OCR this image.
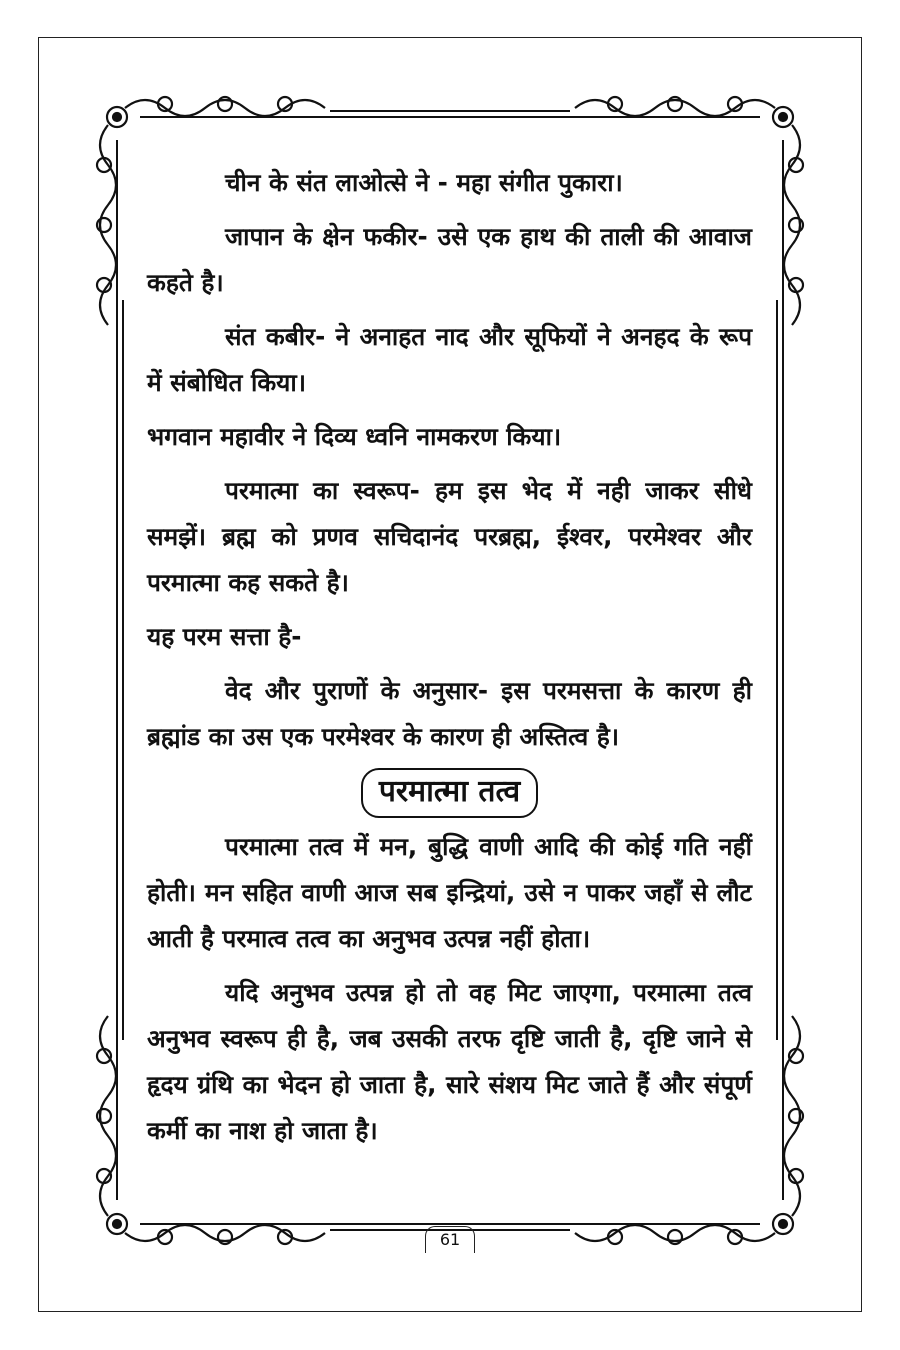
चीन के संत लाओत्से ने - महा संगीत पुकारा।

जापान के क्षेन फकीर- उसे एक हाथ की ताली की आवाज कहते है।

संत कबीर- ने अनाहत नाद और सूफियों ने अनहद के रूप में संबोधित किया।

भगवान महावीर ने दिव्य ध्वनि नामकरण किया।

परमात्मा का स्वरूप- हम इस भेद में नही जाकर सीधे समझें। ब्रह्म को प्रणव सचिदानंद परब्रह्म, ईश्वर, परमेश्वर और परमात्मा कह सकते है।

यह परम सत्ता है-

वेद और पुराणों के अनुसार- इस परमसत्ता के कारण ही ब्रह्मांड का उस एक परमेश्वर के कारण ही अस्तित्व है।

परमात्मा तत्व

परमात्मा तत्व में मन, बुद्धि वाणी आदि की कोई गति नहीं होती। मन सहित वाणी आज सब इन्द्रियां, उसे न पाकर जहाँ से लौट आती है परमात्व तत्व का अनुभव उत्पन्न नहीं होता।

यदि अनुभव उत्पन्न हो तो वह मिट जाएगा, परमात्मा तत्व अनुभव स्वरूप ही है, जब उसकी तरफ दृष्टि जाती है, दृष्टि जाने से हृदय ग्रंथि का भेदन हो जाता है, सारे संशय मिट जाते हैं और संपूर्ण कर्मी का नाश हो जाता है।

61
